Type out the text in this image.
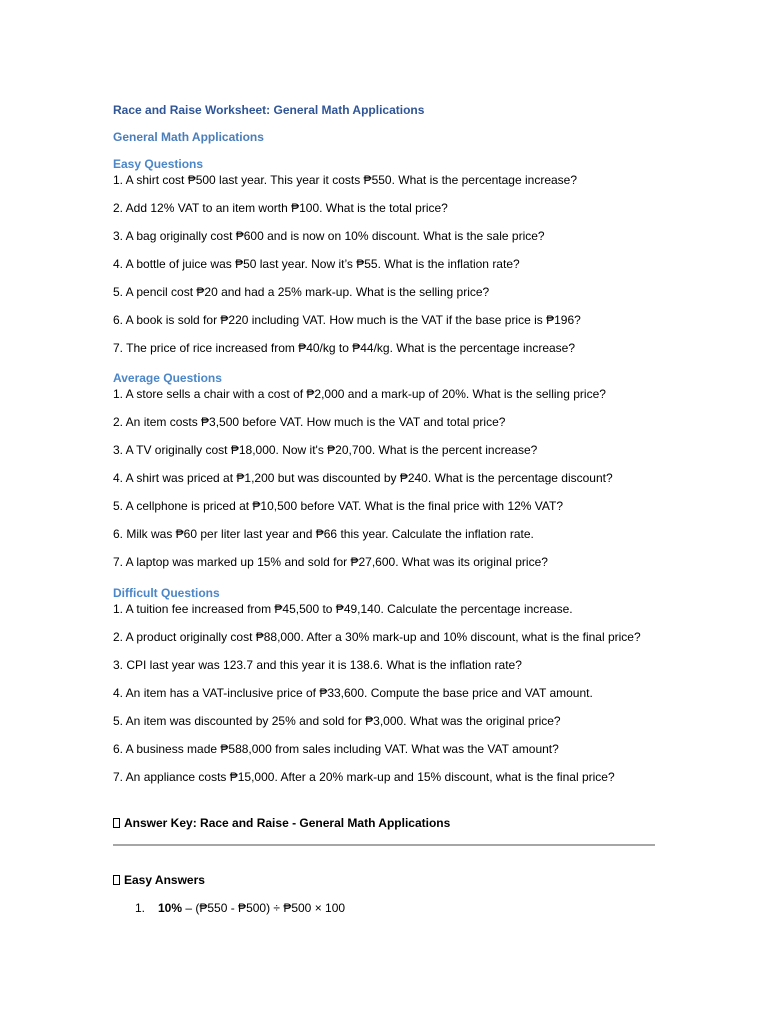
Race and Raise Worksheet: General Math Applications
General Math Applications
Easy Questions
1. A shirt cost ₱500 last year. This year it costs ₱550. What is the percentage increase?
2. Add 12% VAT to an item worth ₱100. What is the total price?
3. A bag originally cost ₱600 and is now on 10% discount. What is the sale price?
4. A bottle of juice was ₱50 last year. Now it’s ₱55. What is the inflation rate?
5. A pencil cost ₱20 and had a 25% mark-up. What is the selling price?
6. A book is sold for ₱220 including VAT. How much is the VAT if the base price is ₱196?
7. The price of rice increased from ₱40/kg to ₱44/kg. What is the percentage increase?
Average Questions
1. A store sells a chair with a cost of ₱2,000 and a mark-up of 20%. What is the selling price?
2. An item costs ₱3,500 before VAT. How much is the VAT and total price?
3. A TV originally cost ₱18,000. Now it's ₱20,700. What is the percent increase?
4. A shirt was priced at ₱1,200 but was discounted by ₱240. What is the percentage discount?
5. A cellphone is priced at ₱10,500 before VAT. What is the final price with 12% VAT?
6. Milk was ₱60 per liter last year and ₱66 this year. Calculate the inflation rate.
7. A laptop was marked up 15% and sold for ₱27,600. What was its original price?
Difficult Questions
1. A tuition fee increased from ₱45,500 to ₱49,140. Calculate the percentage increase.
2. A product originally cost ₱88,000. After a 30% mark-up and 10% discount, what is the final price?
3. CPI last year was 123.7 and this year it is 138.6. What is the inflation rate?
4. An item has a VAT-inclusive price of ₱33,600. Compute the base price and VAT amount.
5. An item was discounted by 25% and sold for ₱3,000. What was the original price?
6. A business made ₱588,000 from sales including VAT. What was the VAT amount?
7. An appliance costs ₱15,000. After a 20% mark-up and 15% discount, what is the final price?
Answer Key: Race and Raise - General Math Applications
Easy Answers
1. 10% – (₱550 - ₱500) ÷ ₱500 × 100
